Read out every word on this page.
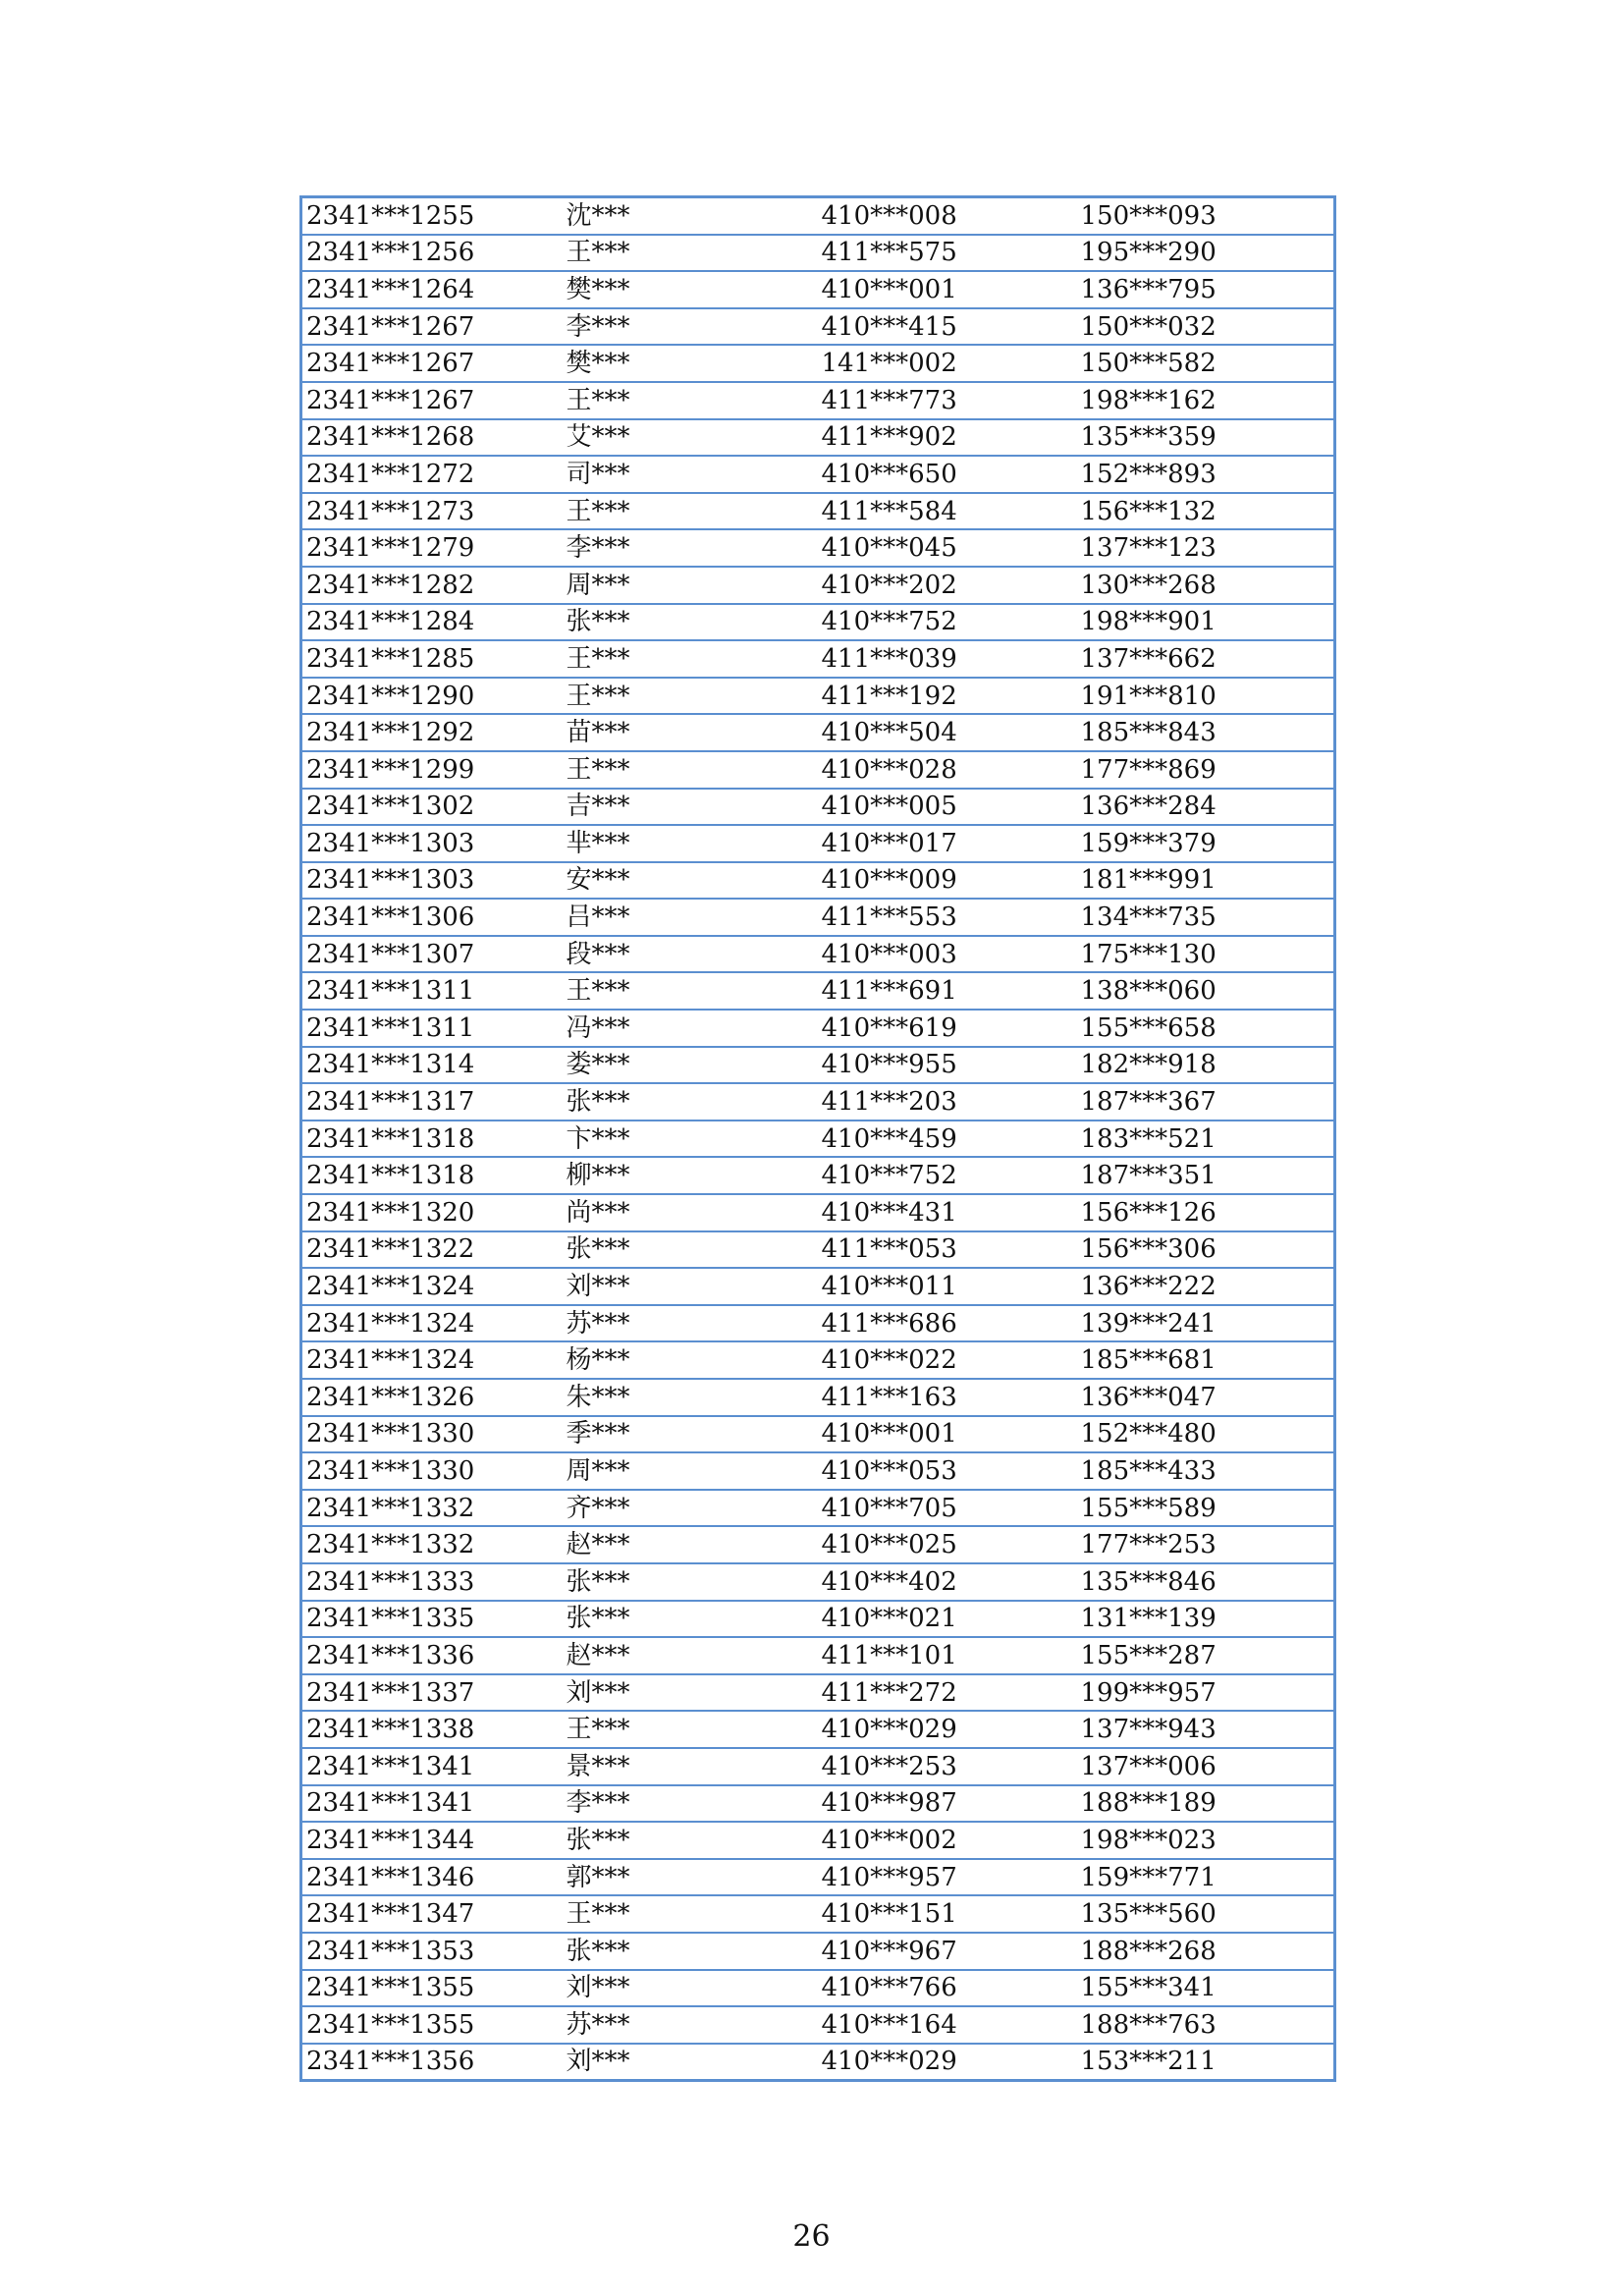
2341***1255	沈***	410***008	150***093
2341***1256	王***	411***575	195***290
2341***1264	樊***	410***001	136***795
2341***1267	李***	410***415	150***032
2341***1267	樊***	141***002	150***582
2341***1267	王***	411***773	198***162
2341***1268	艾***	411***902	135***359
2341***1272	司***	410***650	152***893
2341***1273	王***	411***584	156***132
2341***1279	李***	410***045	137***123
2341***1282	周***	410***202	130***268
2341***1284	张***	410***752	198***901
2341***1285	王***	411***039	137***662
2341***1290	王***	411***192	191***810
2341***1292	苗***	410***504	185***843
2341***1299	王***	410***028	177***869
2341***1302	吉***	410***005	136***284
2341***1303	芈***	410***017	159***379
2341***1303	安***	410***009	181***991
2341***1306	吕***	411***553	134***735
2341***1307	段***	410***003	175***130
2341***1311	王***	411***691	138***060
2341***1311	冯***	410***619	155***658
2341***1314	娄***	410***955	182***918
2341***1317	张***	411***203	187***367
2341***1318	卞***	410***459	183***521
2341***1318	柳***	410***752	187***351
2341***1320	尚***	410***431	156***126
2341***1322	张***	411***053	156***306
2341***1324	刘***	410***011	136***222
2341***1324	苏***	411***686	139***241
2341***1324	杨***	410***022	185***681
2341***1326	朱***	411***163	136***047
2341***1330	季***	410***001	152***480
2341***1330	周***	410***053	185***433
2341***1332	齐***	410***705	155***589
2341***1332	赵***	410***025	177***253
2341***1333	张***	410***402	135***846
2341***1335	张***	410***021	131***139
2341***1336	赵***	411***101	155***287
2341***1337	刘***	411***272	199***957
2341***1338	王***	410***029	137***943
2341***1341	景***	410***253	137***006
2341***1341	李***	410***987	188***189
2341***1344	张***	410***002	198***023
2341***1346	郭***	410***957	159***771
2341***1347	王***	410***151	135***560
2341***1353	张***	410***967	188***268
2341***1355	刘***	410***766	155***341
2341***1355	苏***	410***164	188***763
2341***1356	刘***	410***029	153***211
26
